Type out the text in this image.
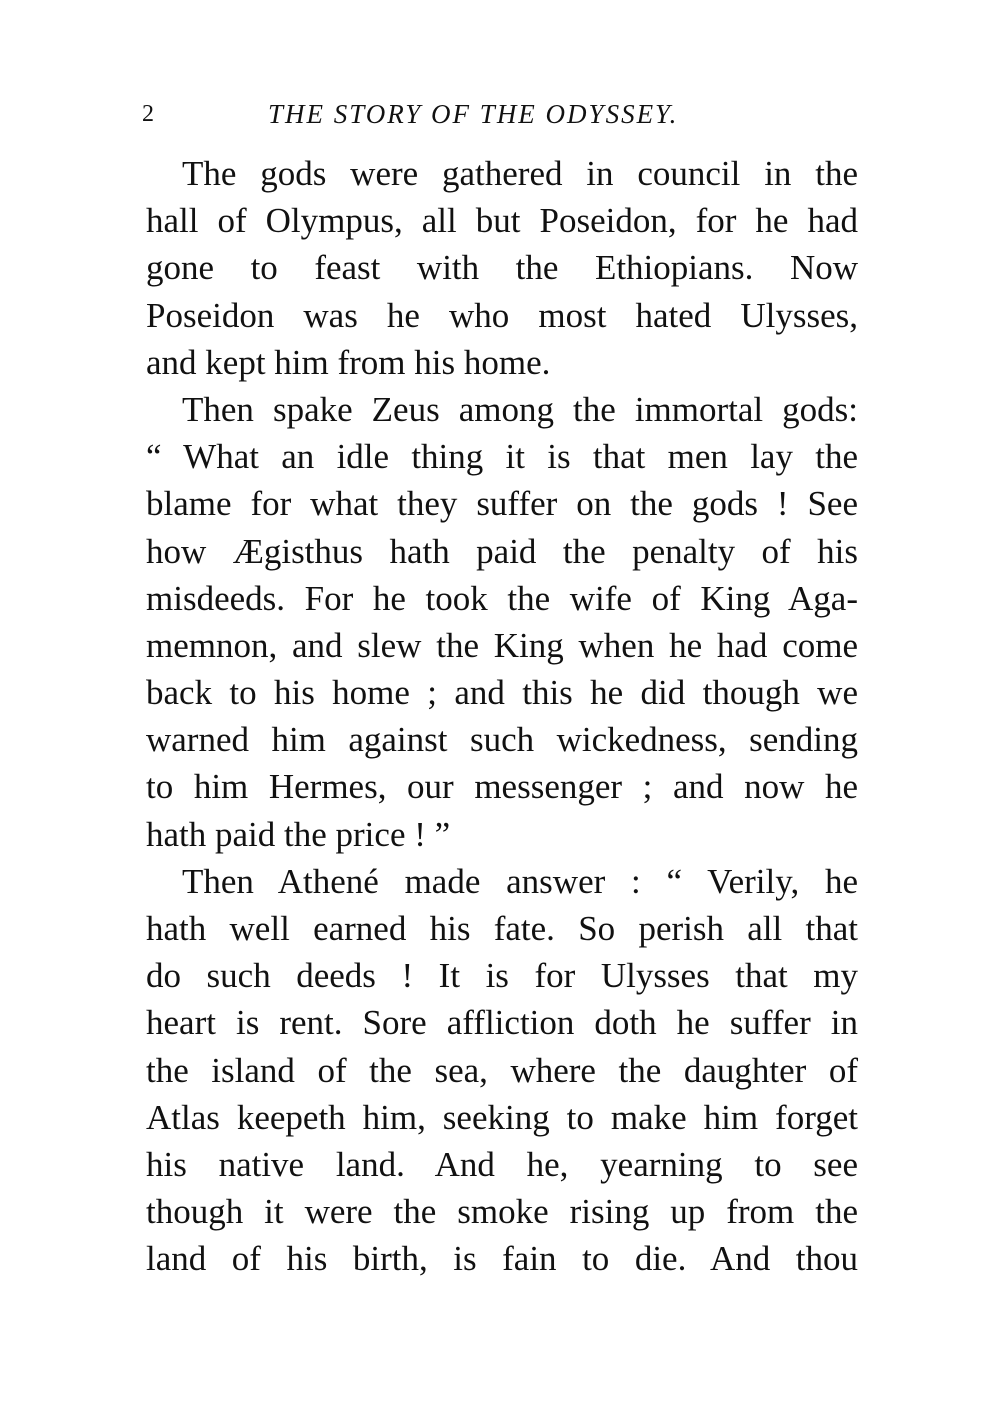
2	THE STORY OF THE ODYSSEY.
The gods were gathered in council in the
hall of Olympus, all but Poseidon, for he had
gone to feast with the Ethiopians. Now
Poseidon was he who most hated Ulysses,
and kept him from his home.
Then spake Zeus among the immortal gods:
“ What an idle thing it is that men lay the
blame for what they suffer on the gods ! See
how Ægisthus hath paid the penalty of his
misdeeds. For he took the wife of King Aga-
memnon, and slew the King when he had come
back to his home ; and this he did though we
warned him against such wickedness, sending
to him Hermes, our messenger ; and now he
hath paid the price ! ”
Then Athené made answer : “ Verily, he
hath well earned his fate. So perish all that
do such deeds ! It is for Ulysses that my
heart is rent. Sore affliction doth he suffer in
the island of the sea, where the daughter of
Atlas keepeth him, seeking to make him forget
his native land. And he, yearning to see
though it were the smoke rising up from the
land of his birth, is fain to die. And thou
